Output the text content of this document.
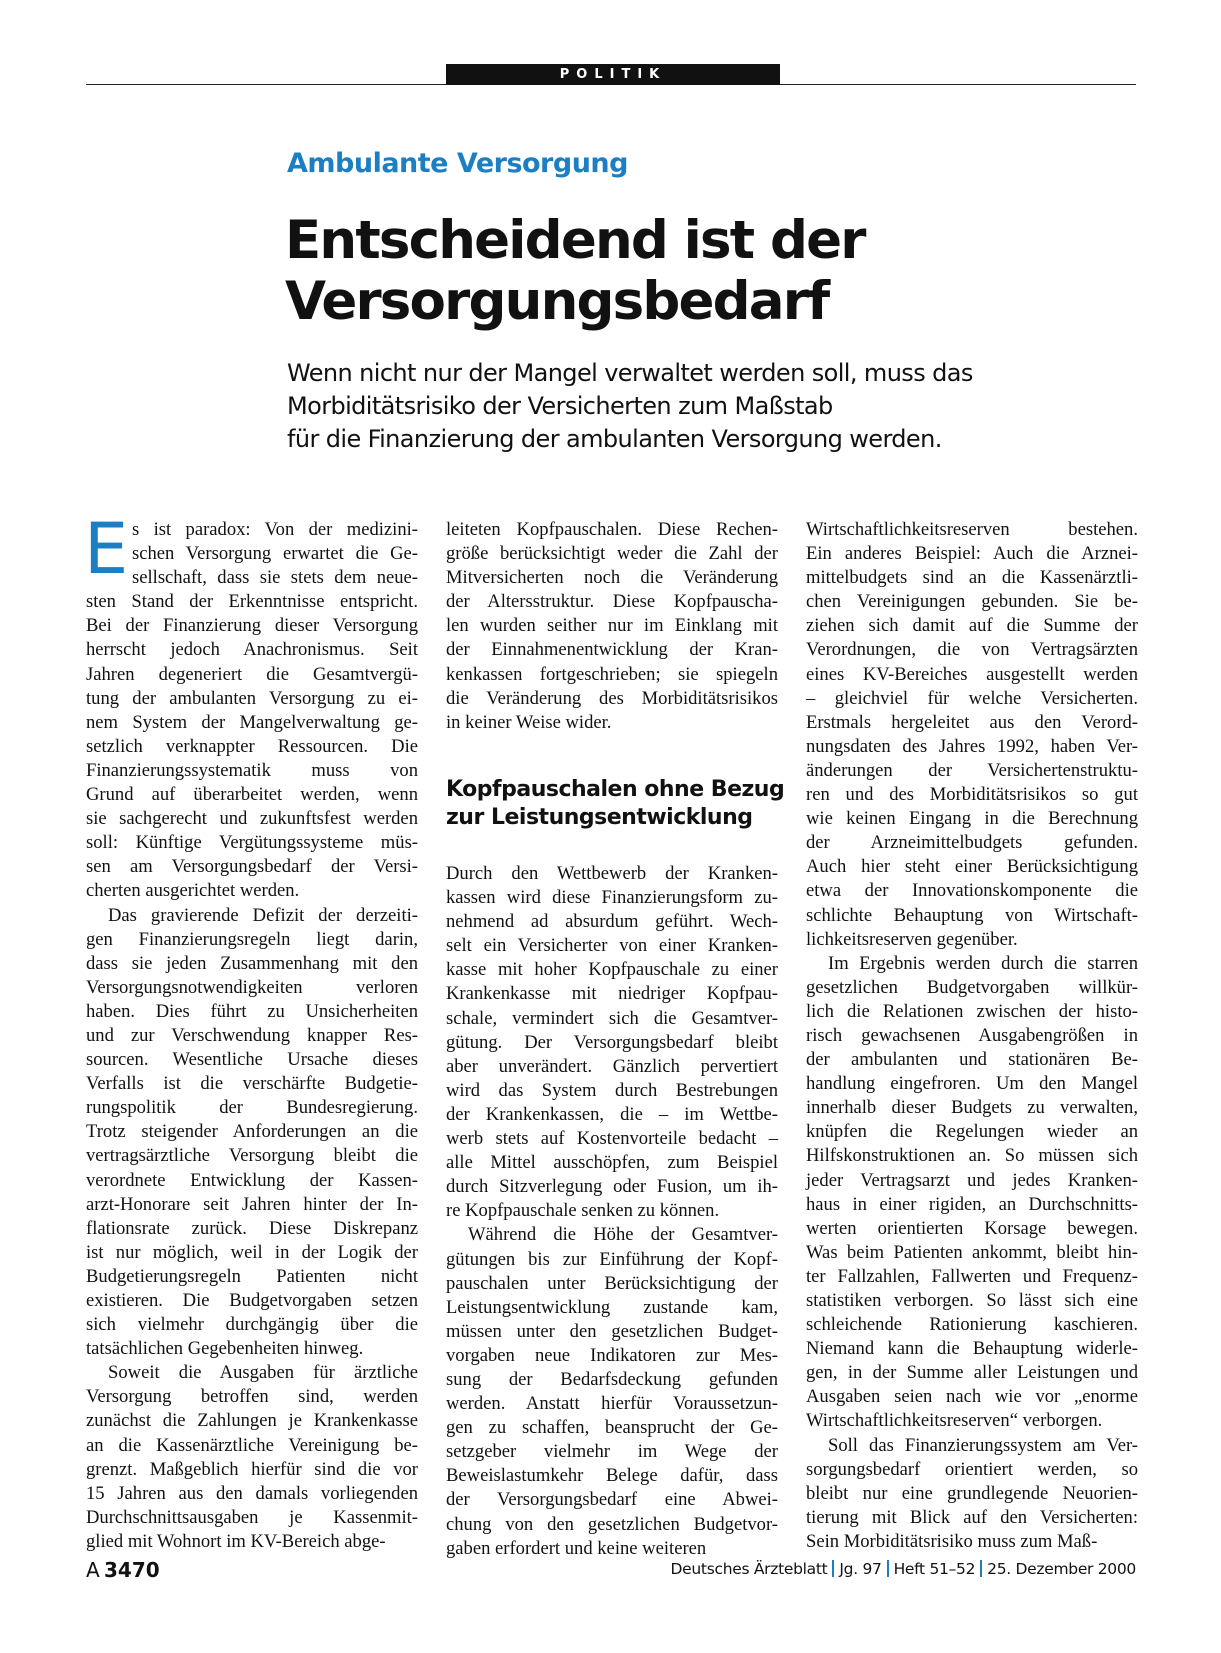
POLITIK
Ambulante Versorgung
Entscheidend ist der
Versorgungsbedarf
Wenn nicht nur der Mangel verwaltet werden soll, muss das
Morbiditätsrisiko der Versicherten zum Maßstab
für die Finanzierung der ambulanten Versorgung werden.
E s ist paradox: Von der medizini-
schen Versorgung erwartet die Ge-
sellschaft, dass sie stets dem neue-
sten Stand der Erkenntnisse entspricht.
Bei der Finanzierung dieser Versorgung
herrscht jedoch Anachronismus. Seit
Jahren degeneriert die Gesamtvergü-
tung der ambulanten Versorgung zu ei-
nem System der Mangelverwaltung ge-
setzlich verknappter Ressourcen. Die
Finanzierungssystematik muss von
Grund auf überarbeitet werden, wenn
sie sachgerecht und zukunftsfest werden
soll: Künftige Vergütungssysteme müs-
sen am Versorgungsbedarf der Versi-
cherten ausgerichtet werden.
Das gravierende Defizit der derzeiti-
gen Finanzierungsregeln liegt darin,
dass sie jeden Zusammenhang mit den
Versorgungsnotwendigkeiten verloren
haben. Dies führt zu Unsicherheiten
und zur Verschwendung knapper Res-
sourcen. Wesentliche Ursache dieses
Verfalls ist die verschärfte Budgetie-
rungspolitik der Bundesregierung.
Trotz steigender Anforderungen an die
vertragsärztliche Versorgung bleibt die
verordnete Entwicklung der Kassen-
arzt-Honorare seit Jahren hinter der In-
flationsrate zurück. Diese Diskrepanz
ist nur möglich, weil in der Logik der
Budgetierungsregeln Patienten nicht
existieren. Die Budgetvorgaben setzen
sich vielmehr durchgängig über die
tatsächlichen Gegebenheiten hinweg.
Soweit die Ausgaben für ärztliche
Versorgung betroffen sind, werden
zunächst die Zahlungen je Krankenkasse
an die Kassenärztliche Vereinigung be-
grenzt. Maßgeblich hierfür sind die vor
15 Jahren aus den damals vorliegenden
Durchschnittsausgaben je Kassenmit-
glied mit Wohnort im KV-Bereich abge-
leiteten Kopfpauschalen. Diese Rechen-
größe berücksichtigt weder die Zahl der
Mitversicherten noch die Veränderung
der Altersstruktur. Diese Kopfpauscha-
len wurden seither nur im Einklang mit
der Einnahmenentwicklung der Kran-
kenkassen fortgeschrieben; sie spiegeln
die Veränderung des Morbiditätsrisikos
in keiner Weise wider.
Kopfpauschalen ohne Bezug
zur Leistungsentwicklung
Durch den Wettbewerb der Kranken-
kassen wird diese Finanzierungsform zu-
nehmend ad absurdum geführt. Wech-
selt ein Versicherter von einer Kranken-
kasse mit hoher Kopfpauschale zu einer
Krankenkasse mit niedriger Kopfpau-
schale, vermindert sich die Gesamtver-
gütung. Der Versorgungsbedarf bleibt
aber unverändert. Gänzlich pervertiert
wird das System durch Bestrebungen
der Krankenkassen, die – im Wettbe-
werb stets auf Kostenvorteile bedacht –
alle Mittel ausschöpfen, zum Beispiel
durch Sitzverlegung oder Fusion, um ih-
re Kopfpauschale senken zu können.
Während die Höhe der Gesamtver-
gütungen bis zur Einführung der Kopf-
pauschalen unter Berücksichtigung der
Leistungsentwicklung zustande kam,
müssen unter den gesetzlichen Budget-
vorgaben neue Indikatoren zur Mes-
sung der Bedarfsdeckung gefunden
werden. Anstatt hierfür Voraussetzun-
gen zu schaffen, beansprucht der Ge-
setzgeber vielmehr im Wege der
Beweislastumkehr Belege dafür, dass
der Versorgungsbedarf eine Abwei-
chung von den gesetzlichen Budgetvor-
gaben erfordert und keine weiteren
Wirtschaftlichkeitsreserven bestehen.
Ein anderes Beispiel: Auch die Arznei-
mittelbudgets sind an die Kassenärztli-
chen Vereinigungen gebunden. Sie be-
ziehen sich damit auf die Summe der
Verordnungen, die von Vertragsärzten
eines KV-Bereiches ausgestellt werden
– gleichviel für welche Versicherten.
Erstmals hergeleitet aus den Verord-
nungsdaten des Jahres 1992, haben Ver-
änderungen der Versichertenstruktu-
ren und des Morbiditätsrisikos so gut
wie keinen Eingang in die Berechnung
der Arzneimittelbudgets gefunden.
Auch hier steht einer Berücksichtigung
etwa der Innovationskomponente die
schlichte Behauptung von Wirtschaft-
lichkeitsreserven gegenüber.
Im Ergebnis werden durch die starren
gesetzlichen Budgetvorgaben willkür-
lich die Relationen zwischen der histo-
risch gewachsenen Ausgabengrößen in
der ambulanten und stationären Be-
handlung eingefroren. Um den Mangel
innerhalb dieser Budgets zu verwalten,
knüpfen die Regelungen wieder an
Hilfskonstruktionen an. So müssen sich
jeder Vertragsarzt und jedes Kranken-
haus in einer rigiden, an Durchschnitts-
werten orientierten Korsage bewegen.
Was beim Patienten ankommt, bleibt hin-
ter Fallzahlen, Fallwerten und Frequenz-
statistiken verborgen. So lässt sich eine
schleichende Rationierung kaschieren.
Niemand kann die Behauptung widerle-
gen, in der Summe aller Leistungen und
Ausgaben seien nach wie vor „enorme
Wirtschaftlichkeitsreserven“ verborgen.
Soll das Finanzierungssystem am Ver-
sorgungsbedarf orientiert werden, so
bleibt nur eine grundlegende Neuorien-
tierung mit Blick auf den Versicherten:
Sein Morbiditätsrisiko muss zum Maß-
A 3470	Deutsches Ärzteblatt Jg. 97 Heft 51–52 25. Dezember 2000
